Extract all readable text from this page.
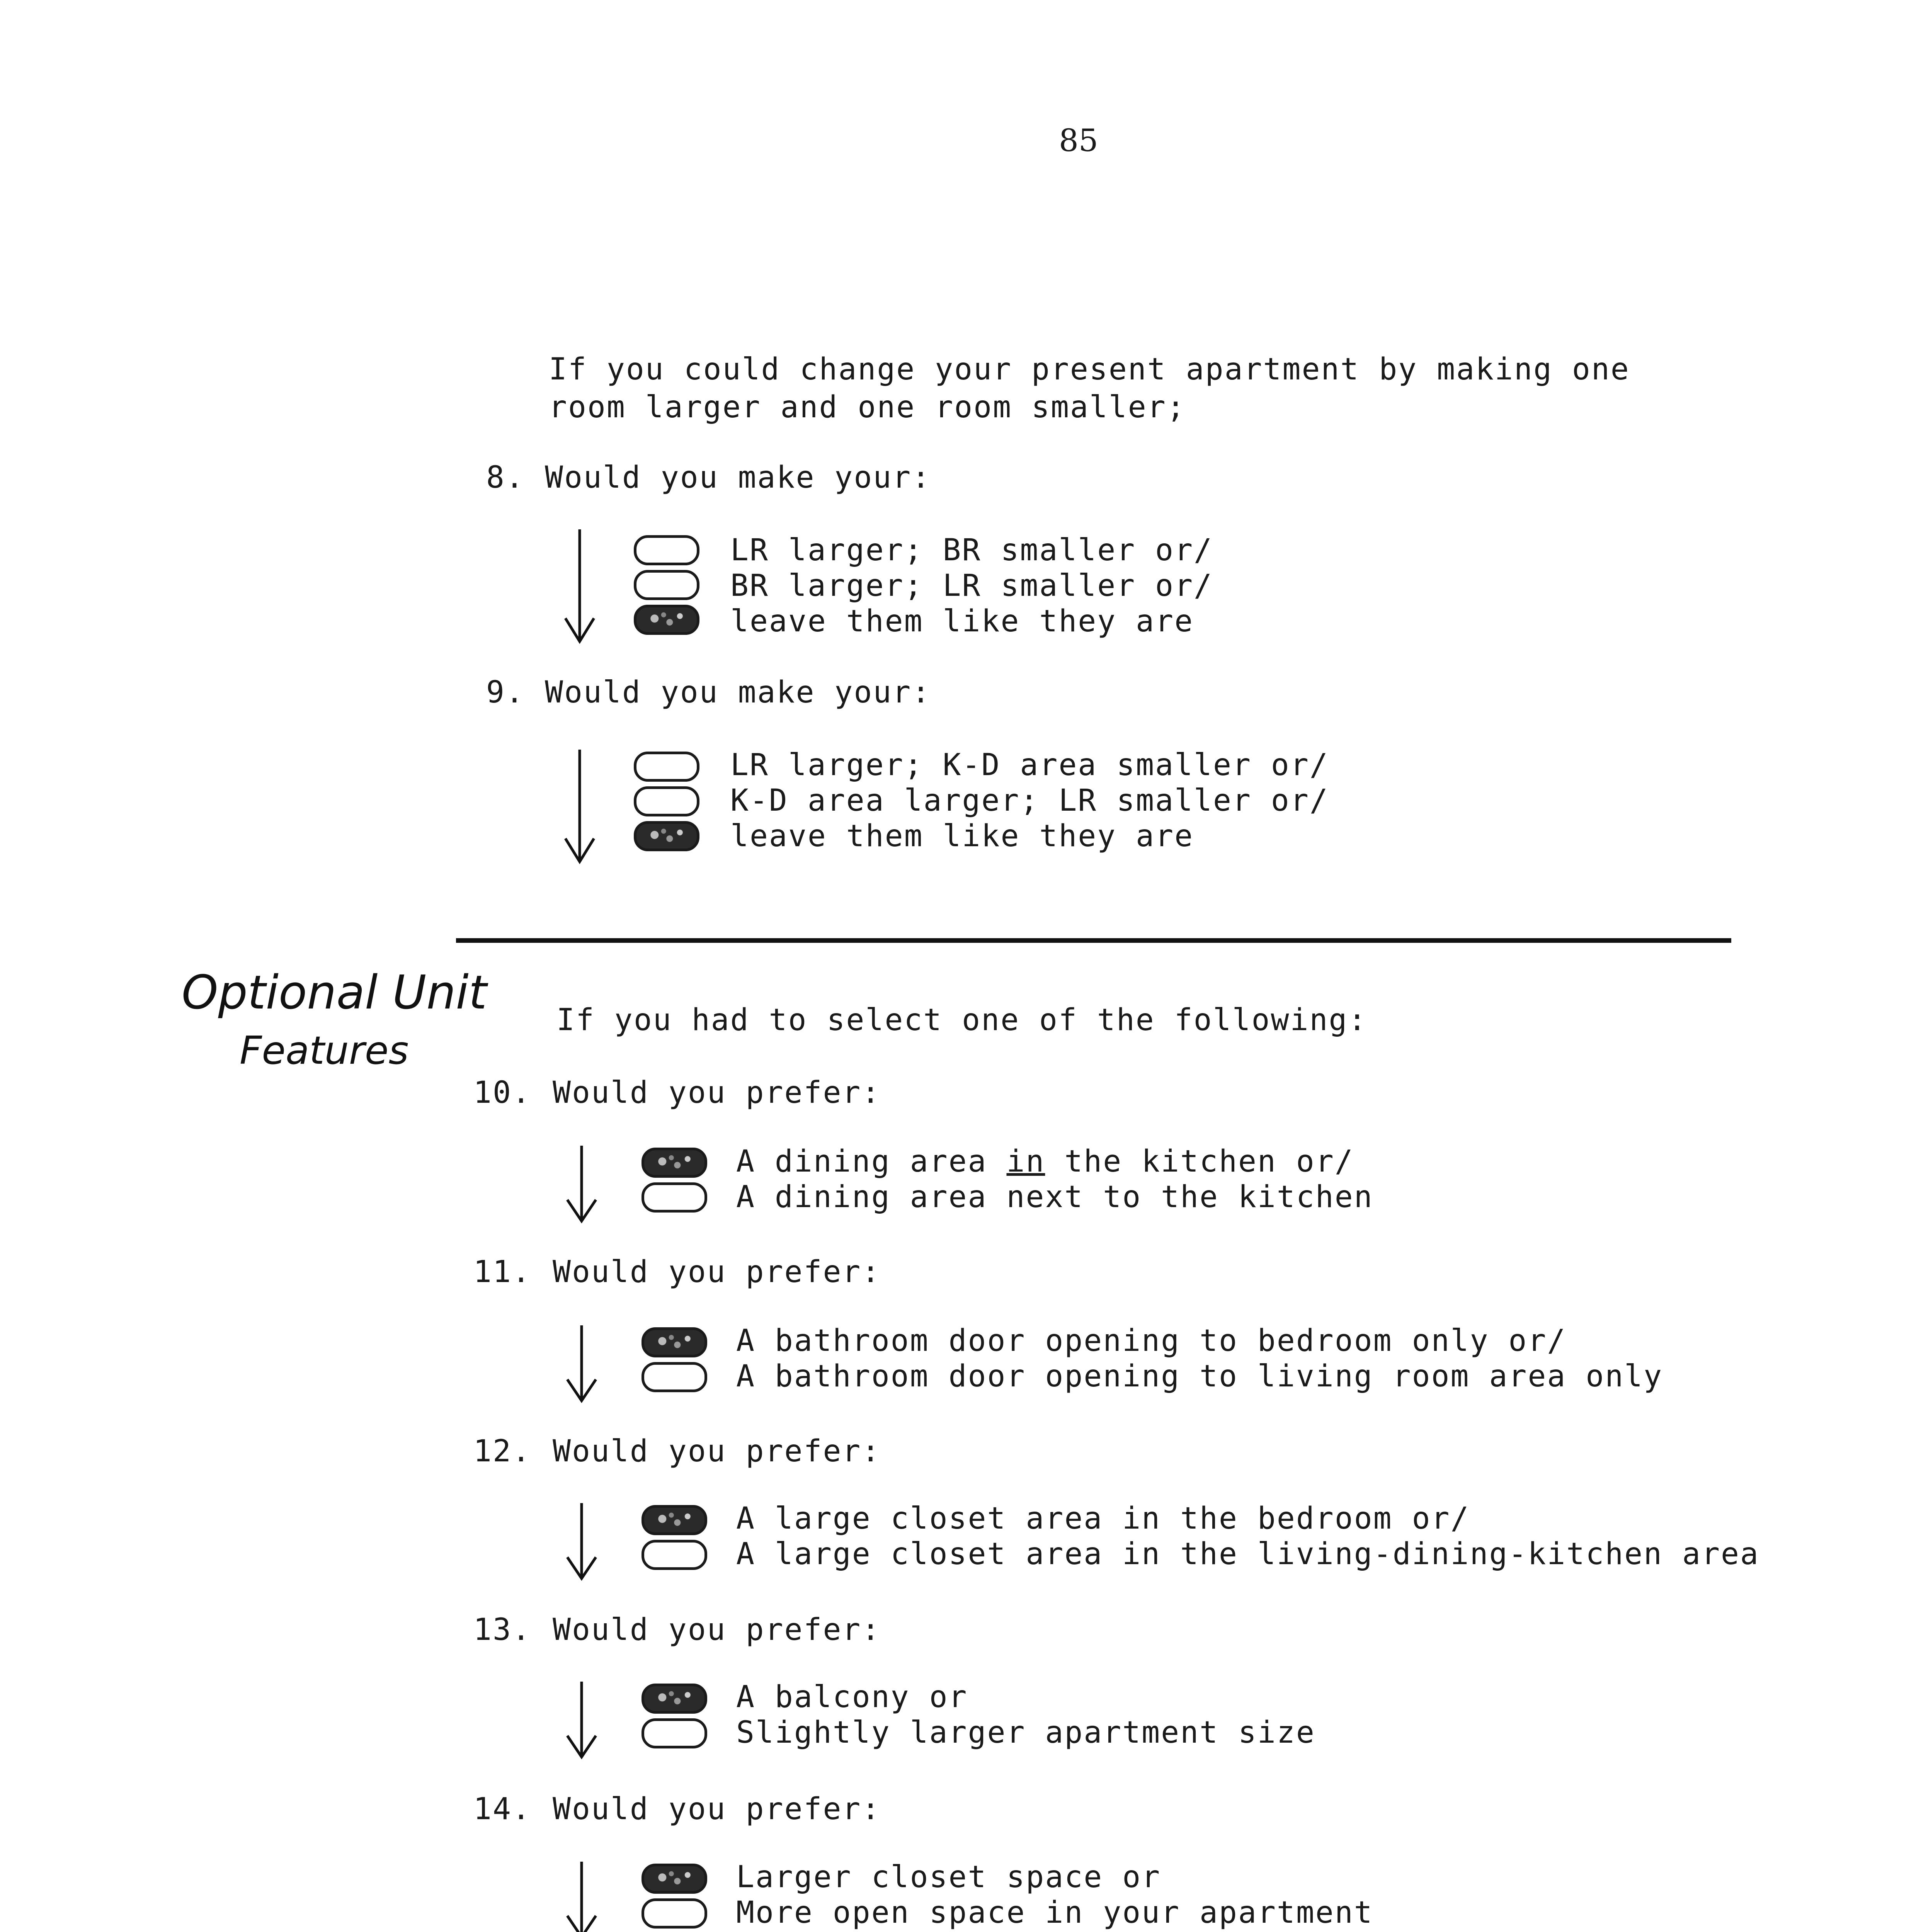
85
If you could change your present apartment by making one
room larger and one room smaller;
8. Would you make your:
LR larger; BR smaller or/
BR larger; LR smaller or/
leave them like they are
9. Would you make your:
LR larger; K-D area smaller or/
K-D area larger; LR smaller or/
leave them like they are
Optional Unit
Features
If you had to select one of the following:
10. Would you prefer:
A dining area in the kitchen or/
A dining area next to the kitchen
11. Would you prefer:
A bathroom door opening to bedroom only or/
A bathroom door opening to living room area only
12. Would you prefer:
A large closet area in the bedroom or/
A large closet area in the living-dining-kitchen area
13. Would you prefer:
A balcony or
Slightly larger apartment size
14. Would you prefer:
Larger closet space or
More open space in your apartment
